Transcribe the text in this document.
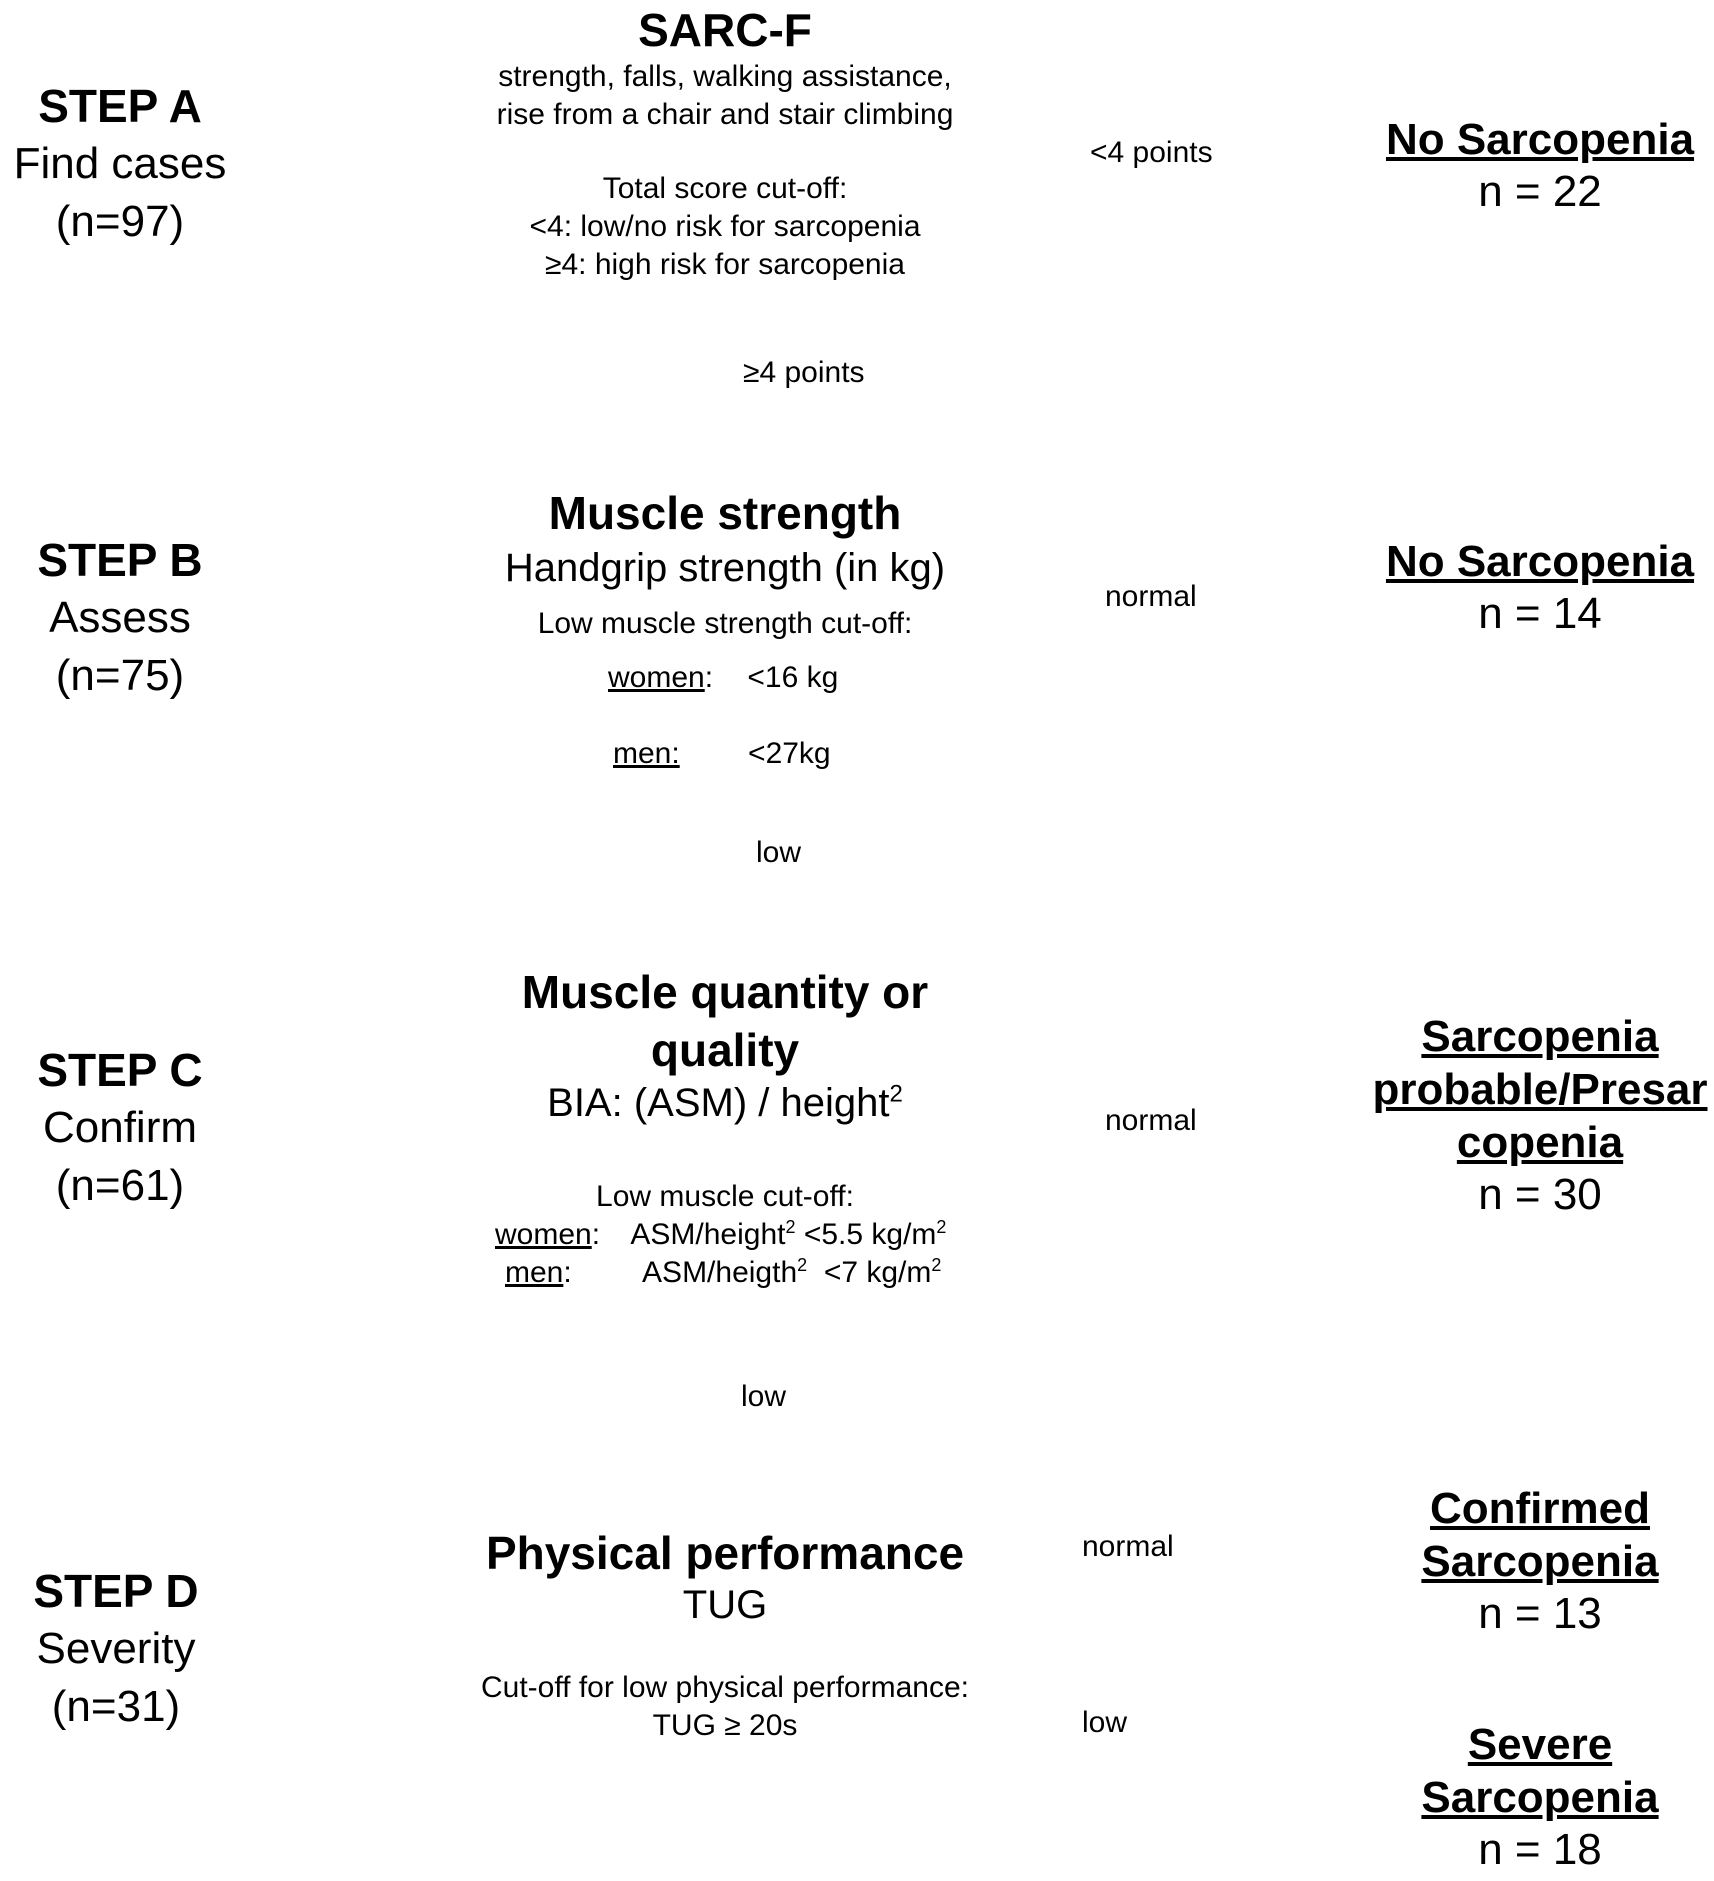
STEP A
Find cases
(n=97)
STEP B
Assess
(n=75)
STEP C
Confirm
(n=61)
STEP D
Severity
(n=31)
SARC-F
strength, falls, walking assistance,
rise from a chair and stair climbing
Total score cut-off:
<4: low/no risk for sarcopenia
≥4: high risk for sarcopenia
<4 points
≥4 points
No Sarcopenia
n = 22
Muscle strength
Handgrip strength (in kg)
Low muscle strength cut-off:
women: <16 kg
men: <27kg
normal
low
No Sarcopenia
n = 14
Muscle quantity or
quality
BIA: (ASM) / height$^2$
Low muscle cut-off:
women: ASM/height$^2$ <5.5 $kg/m^2$
men: ASM/heigth$^2$  <7 $kg/m^2$
normal
low
Sarcopenia
probable/Presar
copenia
n = 30
Physical performance
TUG
Cut-off for low physical performance:
TUG ≥ 20s
normal
low
Confirmed
Sarcopenia
n = 13
Severe
Sarcopenia
n = 18
